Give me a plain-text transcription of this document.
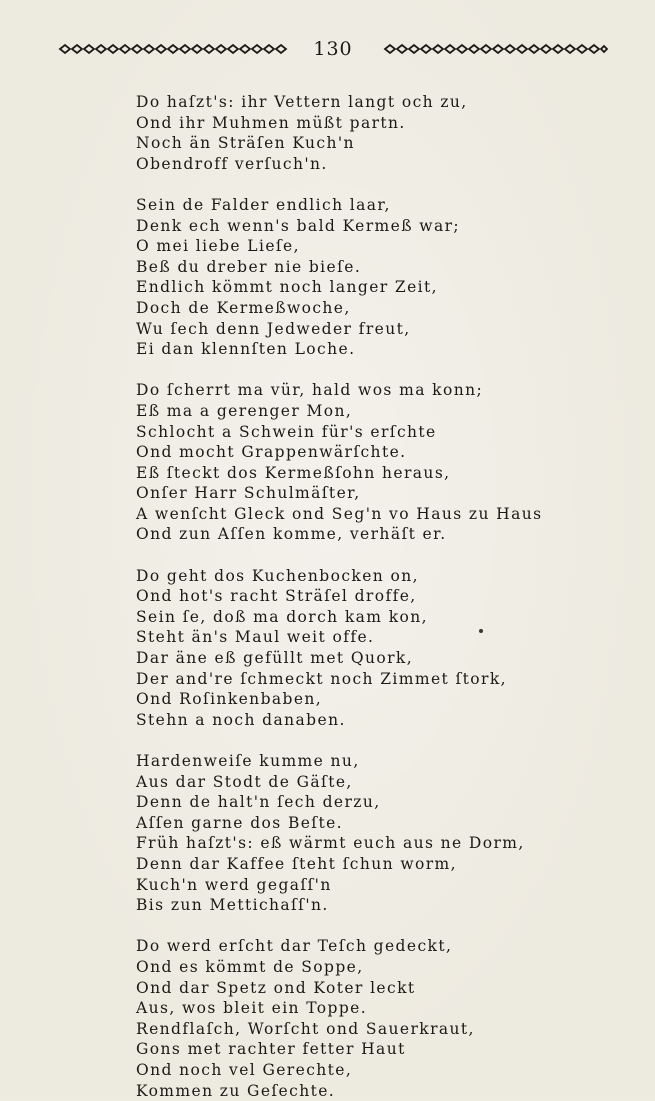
130
Do haſzt's: ihr Vettern langt och zu,
Ond ihr Muhmen müßt partn.
Noch än Sträſen Kuch'n
Obendroff verſuch'n.
Sein de Falder endlich laar,
Denk ech wenn's bald Kermeß war;
O mei liebe Lieſe,
Beß du dreber nie bieſe.
Endlich kömmt noch langer Zeit,
Doch de Kermeßwoche,
Wu ſech denn Jedweder freut,
Ei dan klennſten Loche.
Do ſcherrt ma vür, hald wos ma konn;
Eß ma a gerenger Mon,
Schlocht a Schwein für's erſchte
Ond mocht Grappenwärſchte.
Eß ſteckt dos Kermeßſohn heraus,
Onſer Harr Schulmäſter,
A wenſcht Gleck ond Seg'n vo Haus zu Haus
Ond zun Aſſen komme, verhäſt er.
Do geht dos Kuchenbocken on,
Ond hot's racht Sträſel droffe,
Sein ſe, doß ma dorch kam kon,
Steht än's Maul weit offe.
Dar äne eß gefüllt met Quork,
Der and're ſchmeckt noch Zimmet ſtork,
Ond Roſinkenbaben,
Stehn a noch danaben.
Hardenweiſe kumme nu,
Aus dar Stodt de Gäſte,
Denn de halt'n ſech derzu,
Aſſen garne dos Beſte.
Früh haſzt's: eß wärmt euch aus ne Dorm,
Denn dar Kaffee ſteht ſchun worm,
Kuch'n werd gegaſſ'n
Bis zun Mettichaſſ'n.
Do werd erſcht dar Teſch gedeckt,
Ond es kömmt de Soppe,
Ond dar Spetz ond Koter leckt
Aus, wos bleit ein Toppe.
Rendflaſch, Worſcht ond Sauerkraut,
Gons met rachter fetter Haut
Ond noch vel Gerechte,
Kommen zu Geſechte.
